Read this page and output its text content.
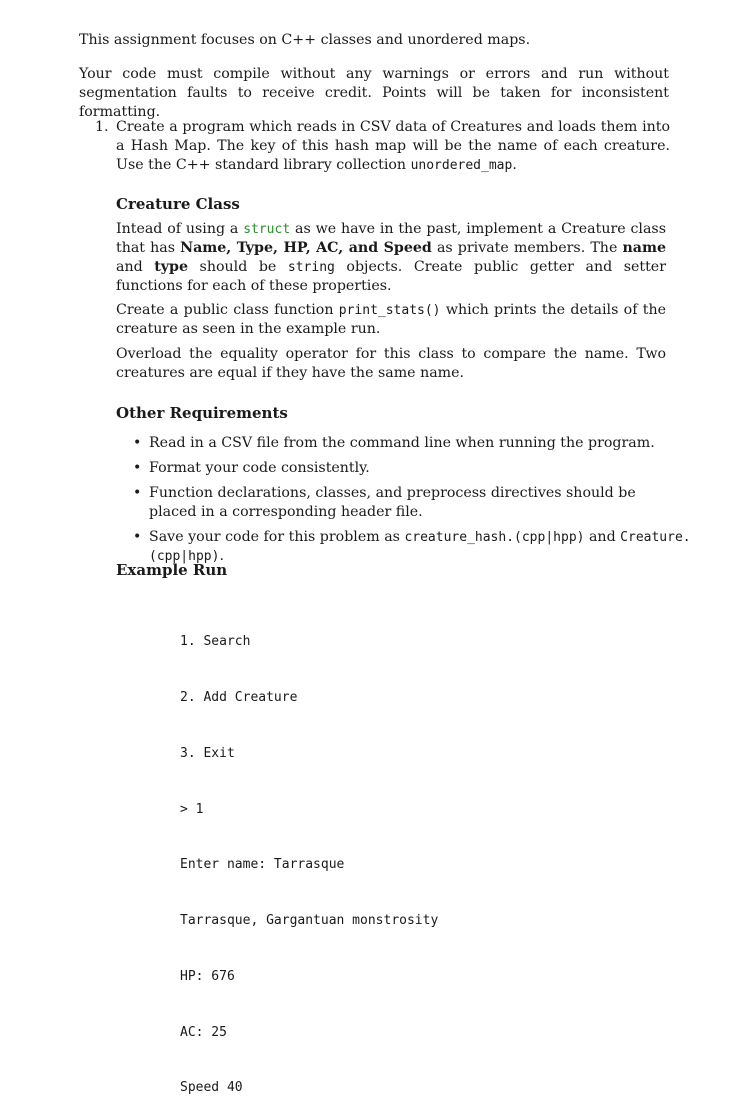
This assignment focuses on C++ classes and unordered maps.

Your code must compile without any warnings or errors and run without segmentation faults to receive credit. Points will be taken for inconsistent formatting.

1. Create a program which reads in CSV data of Creatures and loads them into a Hash Map. The key of this hash map will be the name of each creature. Use the C++ standard library collection unordered_map.
Creature Class

Intead of using a struct as we have in the past, implement a Creature class that has Name, Type, HP, AC, and Speed as private members. The name and type should be string objects. Create public getter and setter functions for each of these properties.

Create a public class function print_stats() which prints the details of the creature as seen in the example run.

Overload the equality operator for this class to compare the name. Two creatures are equal if they have the same name.

Other Requirements
• Read in a CSV file from the command line when running the program.
• Format your code consistently.
• Function declarations, classes, and preprocess directives should be placed in a corresponding header file.
• Save your code for this problem as creature_hash.(cpp|hpp) and Creature.(cpp|hpp).
Example Run

1. Search

2. Add Creature

3. Exit

> 1

Enter name: Tarrasque

Tarrasque, Gargantuan monstrosity

HP: 676

AC: 25

Speed 40
